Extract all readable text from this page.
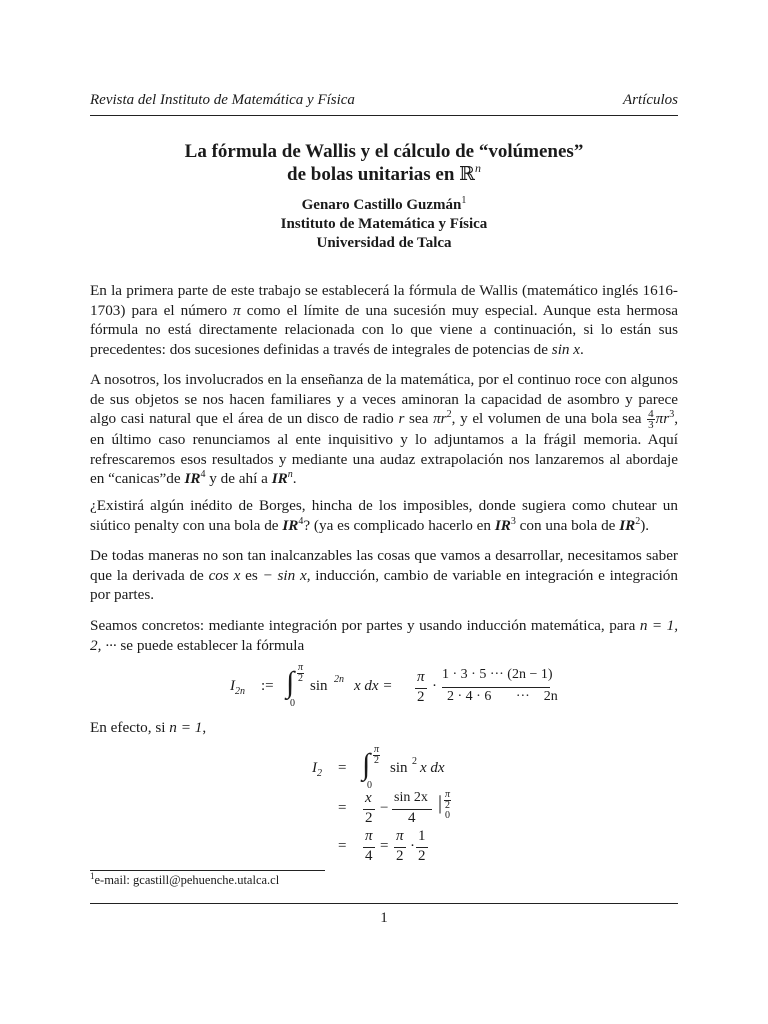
Revista del Instituto de Matemática y Física	Artículos
La fórmula de Wallis y el cálculo de “volúmenes”
de bolas unitarias en ℝ$^n$
Genaro Castillo Guzmán$^1$
Instituto de Matemática y Física
Universidad de Talca
En la primera parte de este trabajo se establecerá la fórmula de Wallis (matemático inglés 1616-1703) para el número π como el límite de una sucesión muy especial. Aunque esta hermosa fórmula no está directamente relacionada con lo que viene a continuación, si lo están sus precedentes: dos sucesiones definidas a través de integrales de potencias de sin x.
A nosotros, los involucrados en la enseñanza de la matemática, por el continuo roce con algunos de sus objetos se nos hacen familiares y a veces aminoran la capacidad de asombro y parece algo casi natural que el área de un disco de radio r sea $\pi r^2$, y el volumen de una bola sea $\frac{4}{3} \pi r^3$, en último caso renunciamos al ente inquisitivo y lo adjuntamos a la frágil memoria. Aquí refrescaremos esos resultados y mediante una audaz extrapolación nos lanzaremos al abordaje en “canicas”de $IR^4$ y de ahí a $IR^n$.
¿Existirá algún inédito de Borges, hincha de los imposibles, donde sugiera como chutear un siútico penalty con una bola de $IR^4$? (ya es complicado hacerlo en $IR^3$ con una bola de $IR^2$).
De todas maneras no son tan inalcanzables las cosas que vamos a desarrollar, necesitamos saber que la derivada de cos x es − sin x, inducción, cambio de variable en integración e integración por partes.
Seamos concretos: mediante integración por partes y usando inducción matemática, para n = 1, 2, ··· se puede establecer la fórmula
$I_{2n}$ := ∫ π
2
0
sin 2n x dx =
π
2
·
1 · 3 · 5 ··· (2n − 1)
2 · 4 · 6       ···    2n
En efecto, si n = 1,
$I_2$ = ∫ π
2
0
sin 2 x dx
=
x
2
−
sin 2x
4
| π
2
0
=
π
4
=
π
2
·
1
2
$^1$e-mail: gcastill@pehuenche.utalca.cl
1
